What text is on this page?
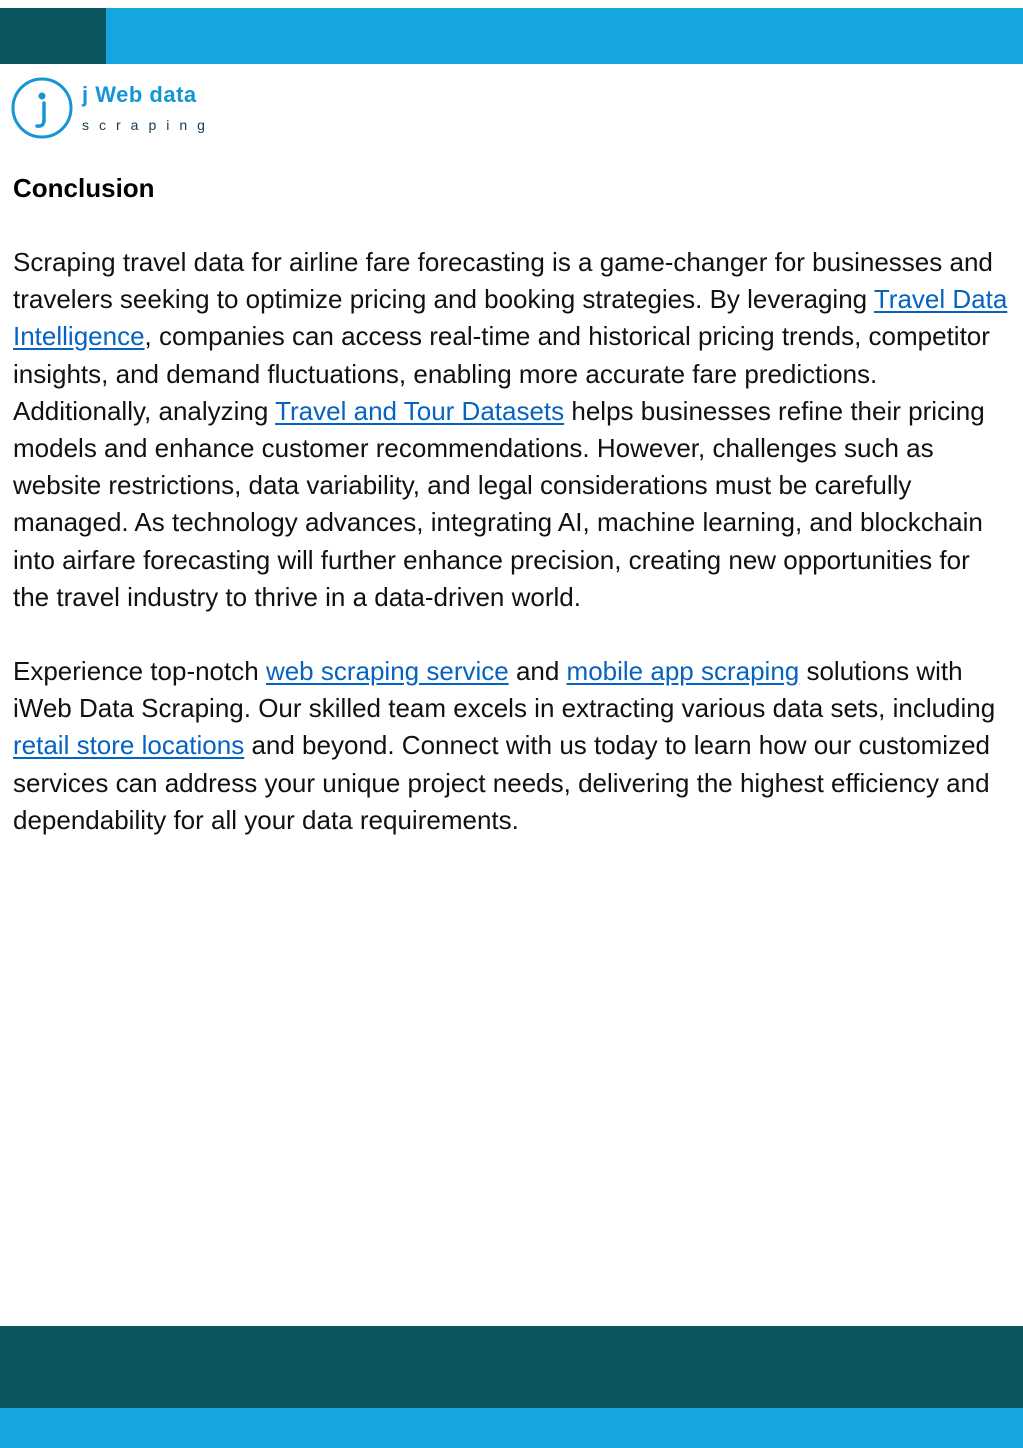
j Web data
scraping
Conclusion

Scraping travel data for airline fare forecasting is a game-changer for businesses and travelers seeking to optimize pricing and booking strategies. By leveraging Travel Data Intelligence, companies can access real-time and historical pricing trends, competitor insights, and demand fluctuations, enabling more accurate fare predictions. Additionally, analyzing Travel and Tour Datasets helps businesses refine their pricing models and enhance customer recommendations. However, challenges such as website restrictions, data variability, and legal considerations must be carefully managed. As technology advances, integrating AI, machine learning, and blockchain into airfare forecasting will further enhance precision, creating new opportunities for the travel industry to thrive in a data-driven world.

Experience top-notch web scraping service and mobile app scraping solutions with iWeb Data Scraping. Our skilled team excels in extracting various data sets, including retail store locations and beyond. Connect with us today to learn how our customized services can address your unique project needs, delivering the highest efficiency and dependability for all your data requirements.
